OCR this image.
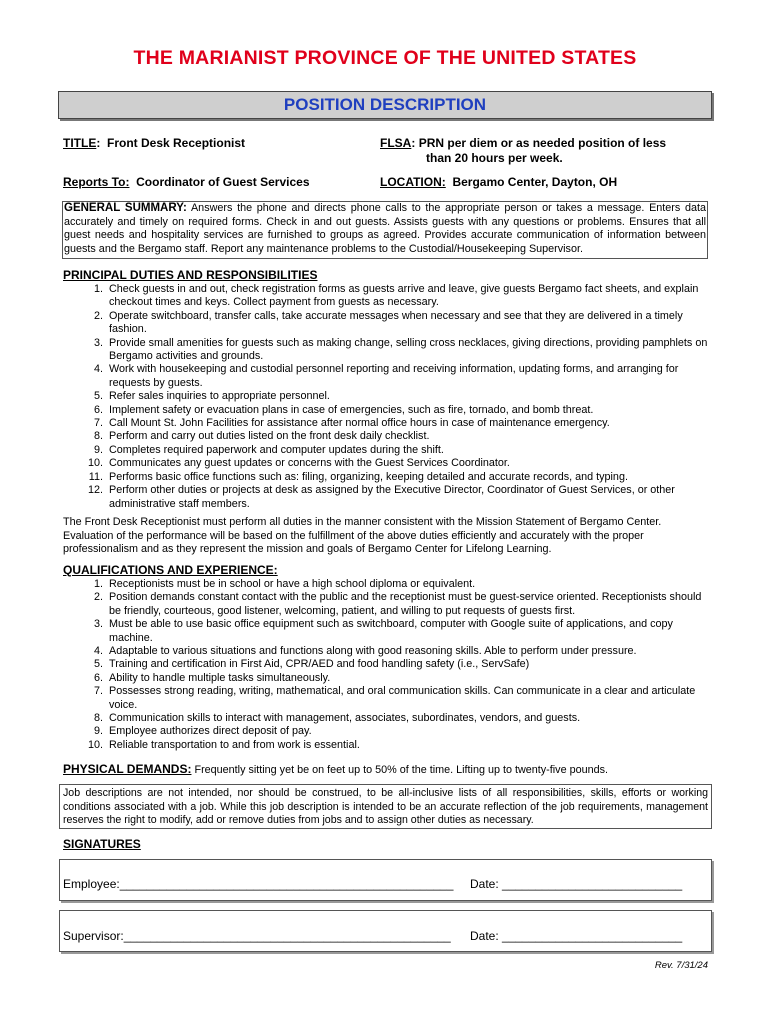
THE MARIANIST PROVINCE OF THE UNITED STATES
POSITION DESCRIPTION
TITLE:  Front Desk Receptionist	FLSA: PRN per diem or as needed position of less
than 20 hours per week.
Reports To: Coordinator of Guest Services	LOCATION: Bergamo Center, Dayton, OH
GENERAL SUMMARY: Answers the phone and directs phone calls to the appropriate person or takes a message. Enters data accurately and timely on required forms. Check in and out guests. Assists guests with any questions or problems. Ensures that all guest needs and hospitality services are furnished to groups as agreed. Provides accurate communication of information between guests and the Bergamo staff. Report any maintenance problems to the Custodial/Housekeeping Supervisor.
PRINCIPAL DUTIES AND RESPONSIBILITIES
1. Check guests in and out, check registration forms as guests arrive and leave, give guests Bergamo fact sheets, and explain checkout times and keys. Collect payment from guests as necessary.
2. Operate switchboard, transfer calls, take accurate messages when necessary and see that they are delivered in a timely fashion.
3. Provide small amenities for guests such as making change, selling cross necklaces, giving directions, providing pamphlets on Bergamo activities and grounds.
4. Work with housekeeping and custodial personnel reporting and receiving information, updating forms, and arranging for requests by guests.
5. Refer sales inquiries to appropriate personnel.
6. Implement safety or evacuation plans in case of emergencies, such as fire, tornado, and bomb threat.
7. Call Mount St. John Facilities for assistance after normal office hours in case of maintenance emergency.
8. Perform and carry out duties listed on the front desk daily checklist.
9. Completes required paperwork and computer updates during the shift.
10. Communicates any guest updates or concerns with the Guest Services Coordinator.
11. Performs basic office functions such as: filing, organizing, keeping detailed and accurate records, and typing.
12. Perform other duties or projects at desk as assigned by the Executive Director, Coordinator of Guest Services, or other administrative staff members.
The Front Desk Receptionist must perform all duties in the manner consistent with the Mission Statement of Bergamo Center. Evaluation of the performance will be based on the fulfillment of the above duties efficiently and accurately with the proper professionalism and as they represent the mission and goals of Bergamo Center for Lifelong Learning.
QUALIFICATIONS AND EXPERIENCE:
1. Receptionists must be in school or have a high school diploma or equivalent.
2. Position demands constant contact with the public and the receptionist must be guest-service oriented. Receptionists should be friendly, courteous, good listener, welcoming, patient, and willing to put requests of guests first.
3. Must be able to use basic office equipment such as switchboard, computer with Google suite of applications, and copy machine.
4. Adaptable to various situations and functions along with good reasoning skills. Able to perform under pressure.
5. Training and certification in First Aid, CPR/AED and food handling safety (i.e., ServSafe)
6. Ability to handle multiple tasks simultaneously.
7. Possesses strong reading, writing, mathematical, and oral communication skills. Can communicate in a clear and articulate voice.
8. Communication skills to interact with management, associates, subordinates, vendors, and guests.
9. Employee authorizes direct deposit of pay.
10. Reliable transportation to and from work is essential.
PHYSICAL DEMANDS: Frequently sitting yet be on feet up to 50% of the time. Lifting up to twenty-five pounds.
Job descriptions are not intended, nor should be construed, to be all-inclusive lists of all responsibilities, skills, efforts or working conditions associated with a job. While this job description is intended to be an accurate reflection of the job requirements, management reserves the right to modify, add or remove duties from jobs and to assign other duties as necessary.
SIGNATURES
Employee:__________________________________________________ Date: ___________________________
Supervisor:_________________________________________________ Date: ___________________________
Rev. 7/31/24
